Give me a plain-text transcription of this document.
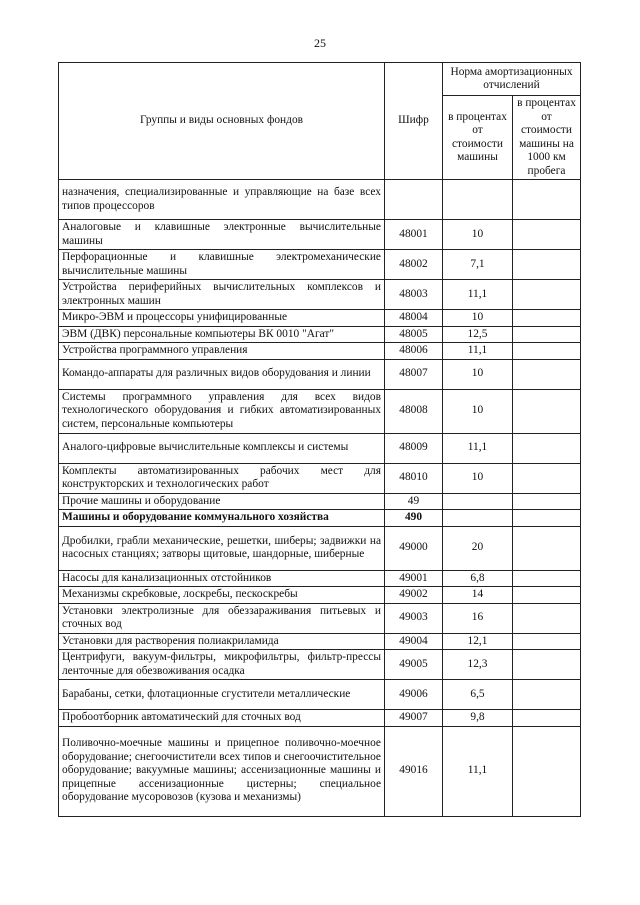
25
Группы и виды основных фондов	Шифр	Норма амортизационных отчислений	
		в процентах от стоимости машины	в процентах от стоимости машины на 1000 км пробега
назначения, специализированные и управляющие на базе всех типов процессоров			
Аналоговые и клавишные электронные вычислительные машины	48001	10	
Перфорационные и клавишные электромеханические вычислительные машины	48002	7,1	
Устройства периферийных вычислительных комплексов и электронных машин	48003	11,1	
Микро-ЭВМ и процессоры унифицированные	48004	10	
ЭВМ (ДВК) персональные компьютеры ВК 0010 "Агат"	48005	12,5	
Устройства программного управления	48006	11,1	
Командо-аппараты для различных видов оборудования и линии	48007	10	
Системы программного управления для всех видов технологического оборудования и гибких автоматизированных систем, персональные компьютеры	48008	10	
Аналого-цифровые вычислительные комплексы и системы	48009	11,1	
Комплекты автоматизированных рабочих мест для конструкторских и технологических работ	48010	10	
Прочие машины и оборудование	49		
Машины и оборудование коммунального хозяйства	490		
Дробилки, грабли механические, решетки, шиберы; задвижки на насосных станциях; затворы щитовые, шандорные, шиберные	49000	20	
Насосы для канализационных отстойников	49001	6,8	
Механизмы скребковые, лоскребы, пескоскребы	49002	14	
Установки электролизные для обеззараживания питьевых и сточных вод	49003	16	
Установки для растворения полиакриламида	49004	12,1	
Центрифуги, вакуум-фильтры, микрофильтры, фильтр-прессы ленточные для обезвоживания осадка	49005	12,3	
Барабаны, сетки, флотационные сгустители металлические	49006	6,5	
Пробоотборник автоматический для сточных вод	49007	9,8	
Поливочно-моечные машины и прицепное поливочно-моечное оборудование; снегоочистители всех типов и снегоочистительное оборудование; вакуумные машины; ассенизационные машины и прицепные ассенизационные цистерны; специальное оборудование мусоровозов (кузова и механизмы)	49016	11,1	
